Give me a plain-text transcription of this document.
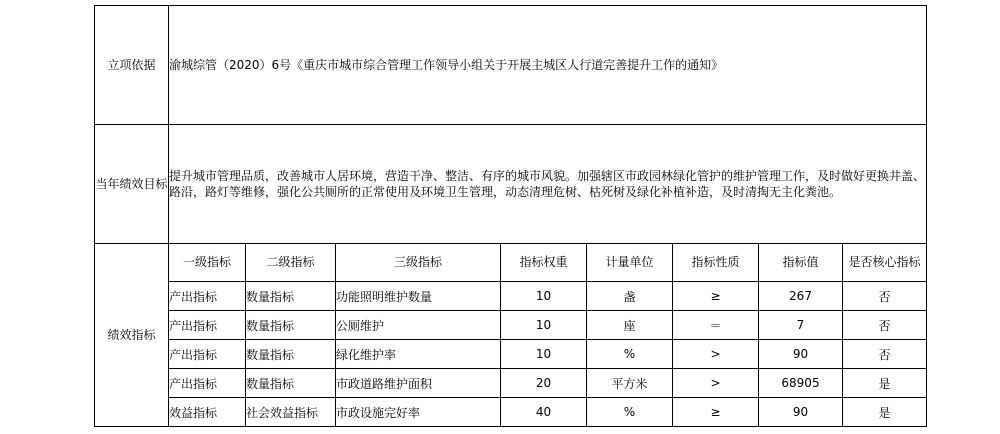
立项依据	渝城综管（2020）6号《重庆市城市综合管理工作领导小组关于开展主城区人行道完善提升工作的通知》							
当年绩效目标	提升城市管理品质，改善城市人居环境，营造干净、整洁、有序的城市风貌。加强辖区市政园林绿化管护的维护管理工作，及时做好更换井盖、路沿，路灯等维修，强化公共厕所的正常使用及环境卫生管理，动态清理危树、枯死树及绿化补植补造，及时清掏无主化粪池。							
绩效指标	一级指标	二级指标	三级指标	指标权重	计量单位	指标性质	指标值	是否核心指标
	产出指标	数量指标	功能照明维护数量	10	盏	≥	267	否
	产出指标	数量指标	公厕维护	10	座	＝	7	否
	产出指标	数量指标	绿化维护率	10	%	>	90	否
	产出指标	数量指标	市政道路维护面积	20	平方米	>	68905	是
	效益指标	社会效益指标	市政设施完好率	40	%	≥	90	是
